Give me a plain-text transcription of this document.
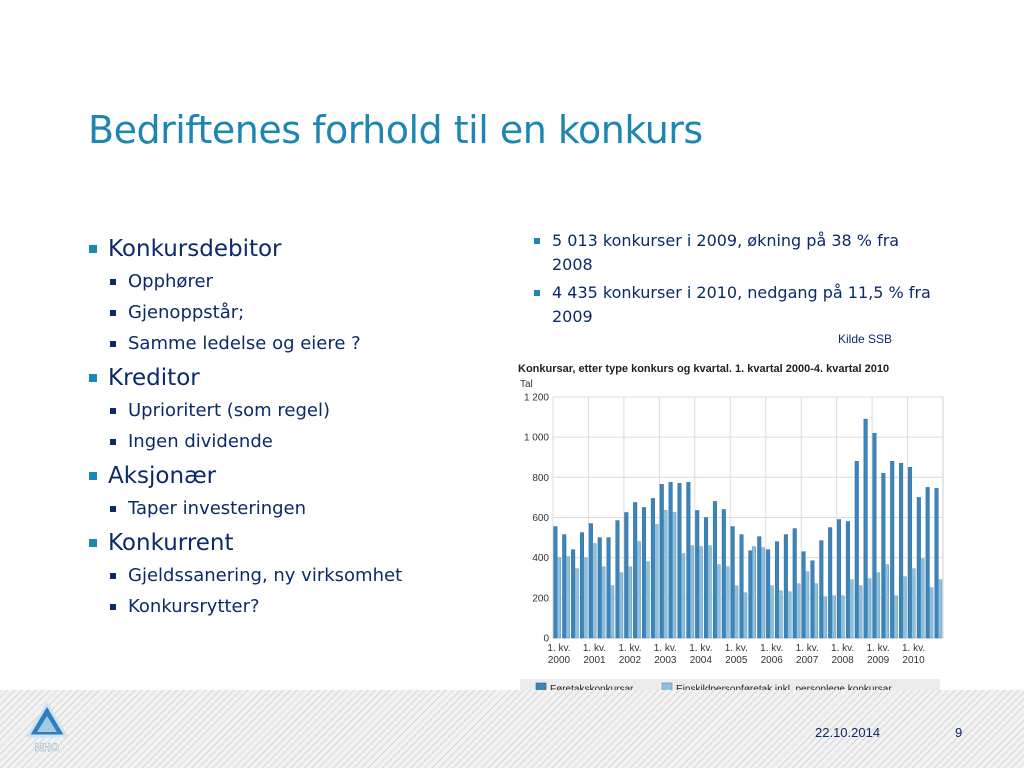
Bedriftenes forhold til en konkurs
Konkursdebitor
Opphører
Gjenoppstår;
Samme ledelse og eiere ?
Kreditor
Uprioritert (som regel)
Ingen dividende
Aksjonær
Taper investeringen
Konkurrent
Gjeldssanering, ny virksomhet
Konkursrytter?
5 013 konkurser i 2009, økning på 38 % fra 2008
4 435 konkurser i 2010, nedgang på 11,5 % fra 2009
Kilde SSB
Konkursar, etter type konkurs og kvartal. 1. kvartal 2000-4. kvartal 2010
Tal
0
200
400
600
800
1 000
1 200
1. kv.
2000
1. kv.
2001
1. kv.
2002
1. kv.
2003
1. kv.
2004
1. kv.
2005
1. kv.
2006
1. kv.
2007
1. kv.
2008
1. kv.
2009
1. kv.
2010
NHO
22.10.2014	9
